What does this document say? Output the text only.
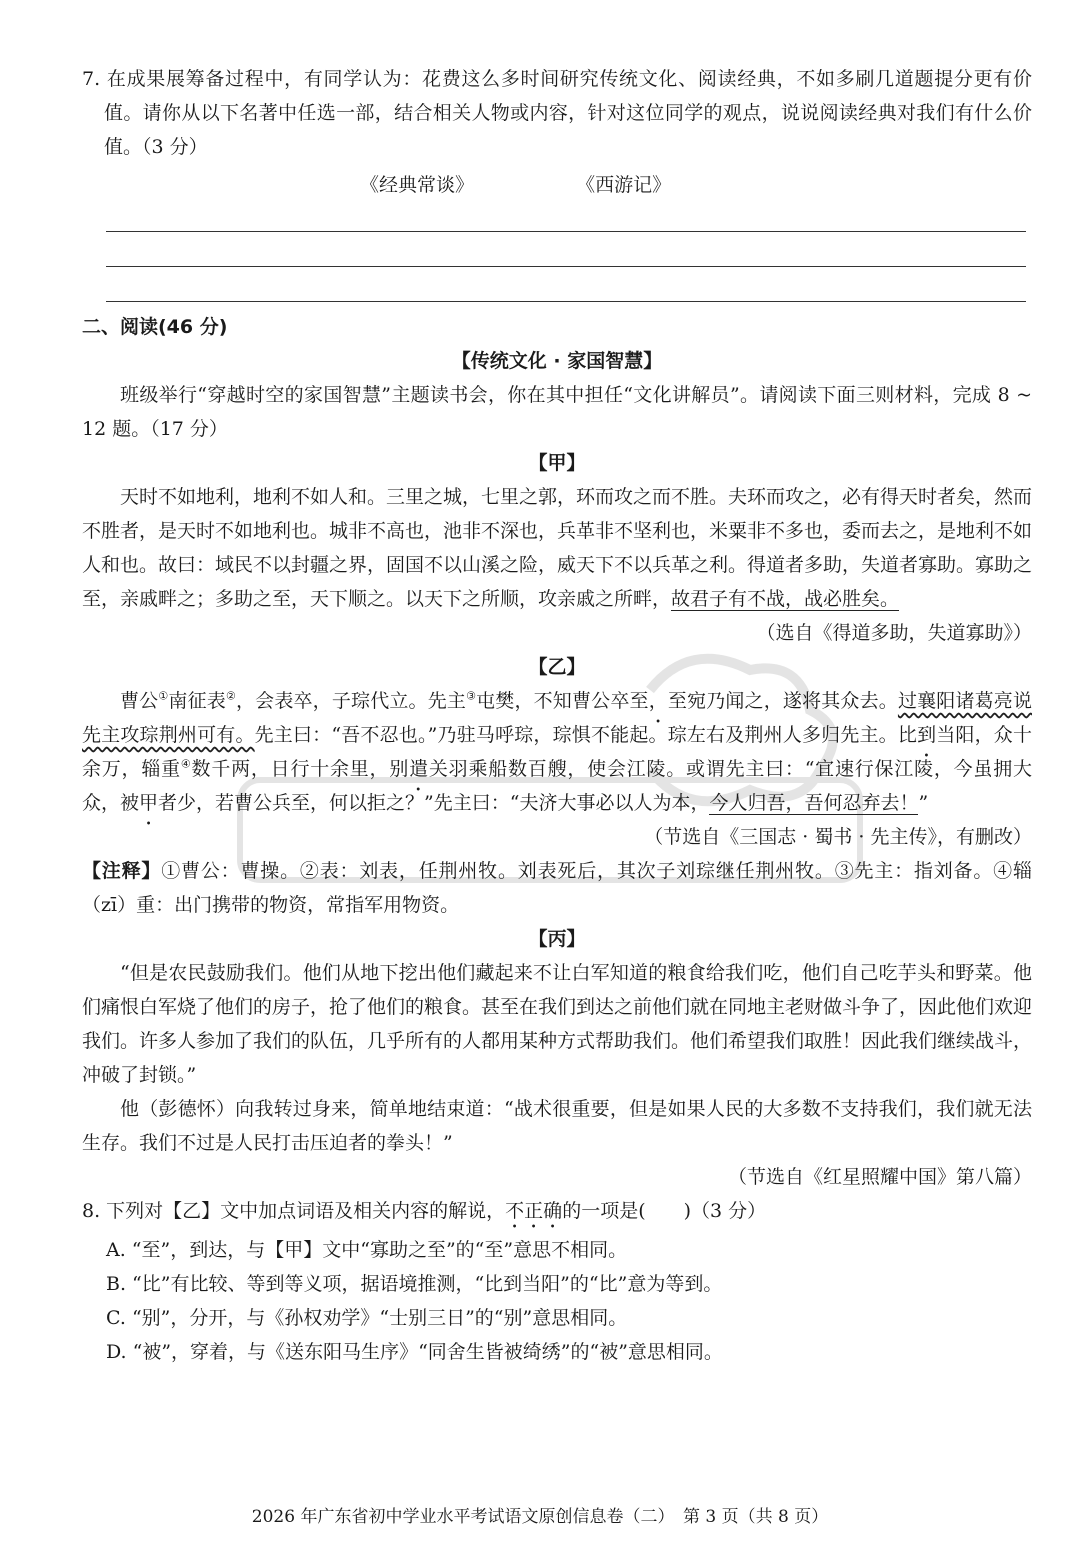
7. 在成果展筹备过程中，有同学认为：花费这么多时间研究传统文化、阅读经典，不如多刷几道题提分更有价值。请你从以下名著中任选一部，结合相关人物或内容，针对这位同学的观点，说说阅读经典对我们有什么价值。（3 分）

《经典常谈》	《西游记》

二、阅读(46 分)

【传统文化 · 家国智慧】

班级举行“穿越时空的家国智慧”主题读书会，你在其中担任“文化讲解员”。请阅读下面三则材料，完成 8 ~ 12 题。（17 分）

【甲】

天时不如地利，地利不如人和。三里之城，七里之郭，环而攻之而不胜。夫环而攻之，必有得天时者矣，然而不胜者，是天时不如地利也。城非不高也，池非不深也，兵革非不坚利也，米粟非不多也，委而去之，是地利不如人和也。故曰：域民不以封疆之界，固国不以山溪之险，威天下不以兵革之利。得道者多助，失道者寡助。寡助之至，亲戚畔之；多助之至，天下顺之。以天下之所顺，攻亲戚之所畔，故君子有不战，战必胜矣。

（选自《得道多助，失道寡助》）

【乙】

曹公①南征表②，会表卒，子琮代立。先主③屯樊，不知曹公卒至，至宛乃闻之，遂将其众去。过襄阳诸葛亮说先主攻琮荆州可有。先主曰：“吾不忍也。”乃驻马呼琮，琮惧不能起。琮左右及荆州人多归先主。比到当阳，众十余万，辎重④数千两，日行十余里，别遣关羽乘船数百艘，使会江陵。或谓先主曰：“宜速行保江陵，今虽拥大众，被甲者少，若曹公兵至，何以拒之？”先主曰：“夫济大事必以人为本，今人归吾，吾何忍弃去！”

（节选自《三国志 · 蜀书 · 先主传》，有删改）

【注释】①曹公：曹操。②表：刘表，任荆州牧。刘表死后，其次子刘琮继任荆州牧。③先主：指刘备。④辎（zī）重：出门携带的物资，常指军用物资。

【丙】

“但是农民鼓励我们。他们从地下挖出他们藏起来不让白军知道的粮食给我们吃，他们自己吃芋头和野菜。他们痛恨白军烧了他们的房子，抢了他们的粮食。甚至在我们到达之前他们就在同地主老财做斗争了，因此他们欢迎我们。许多人参加了我们的队伍，几乎所有的人都用某种方式帮助我们。他们希望我们取胜！因此我们继续战斗，冲破了封锁。”

他（彭德怀）向我转过身来，简单地结束道：“战术很重要，但是如果人民的大多数不支持我们，我们就无法生存。我们不过是人民打击压迫者的拳头！”

（节选自《红星照耀中国》第八篇）

8. 下列对【乙】文中加点词语及相关内容的解说，不正确的一项是(　　)（3 分）

A. “至”，到达，与【甲】文中“寡助之至”的“至”意思不相同。

B. “比”有比较、等到等义项，据语境推测，“比到当阳”的“比”意为等到。

C. “别”，分开，与《孙权劝学》“士别三日”的“别”意思相同。

D. “被”，穿着，与《送东阳马生序》“同舍生皆被绮绣”的“被”意思相同。

2026 年广东省初中学业水平考试语文原创信息卷（二）　第 3 页（共 8 页）
